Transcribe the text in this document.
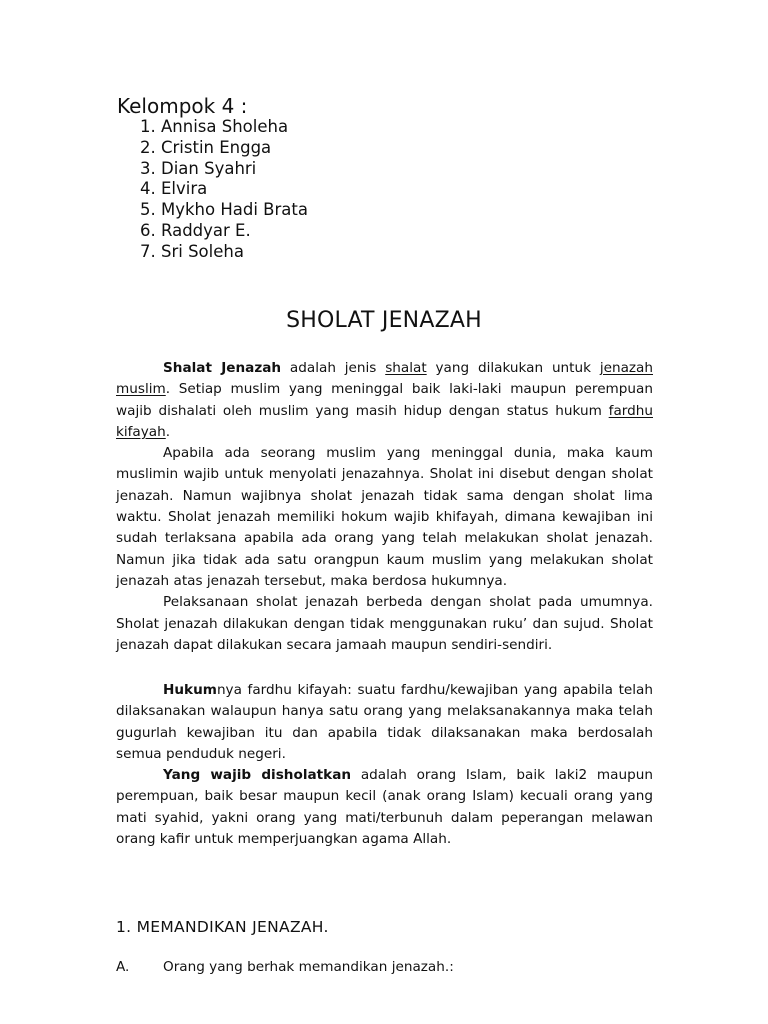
Kelompok 4 :
1. Annisa Sholeha
2. Cristin Engga
3. Dian Syahri
4. Elvira
5. Mykho Hadi Brata
6. Raddyar E.
7. Sri Soleha
SHOLAT JENAZAH

Shalat Jenazah adalah jenis shalat yang dilakukan untuk jenazah muslim. Setiap muslim yang meninggal baik laki-laki maupun perempuan wajib dishalati oleh muslim yang masih hidup dengan status hukum fardhu kifayah.

Apabila ada seorang muslim yang meninggal dunia, maka kaum muslimin wajib untuk menyolati jenazahnya. Sholat ini disebut dengan sholat jenazah. Namun wajibnya sholat jenazah tidak sama dengan sholat lima waktu. Sholat jenazah memiliki hokum wajib khifayah, dimana kewajiban ini sudah terlaksana apabila ada orang yang telah melakukan sholat jenazah. Namun jika tidak ada satu orangpun kaum muslim yang melakukan sholat jenazah atas jenazah tersebut, maka berdosa hukumnya.

Pelaksanaan sholat jenazah berbeda dengan sholat pada umumnya. Sholat jenazah dilakukan dengan tidak menggunakan ruku’ dan sujud. Sholat jenazah dapat dilakukan secara jamaah maupun sendiri-sendiri.

Hukumnya fardhu kifayah: suatu fardhu/kewajiban yang apabila telah dilaksanakan walaupun hanya satu orang yang melaksanakannya maka telah gugurlah kewajiban itu dan apabila tidak dilaksanakan maka berdosalah semua penduduk negeri.

Yang wajib disholatkan adalah orang Islam, baik laki2 maupun perempuan, baik besar maupun kecil (anak orang Islam) kecuali orang yang mati syahid, yakni orang yang mati/terbunuh dalam peperangan melawan orang kafir untuk memperjuangkan agama Allah.

1. MEMANDIKAN JENAZAH.
A. Orang yang berhak memandikan jenazah.:
